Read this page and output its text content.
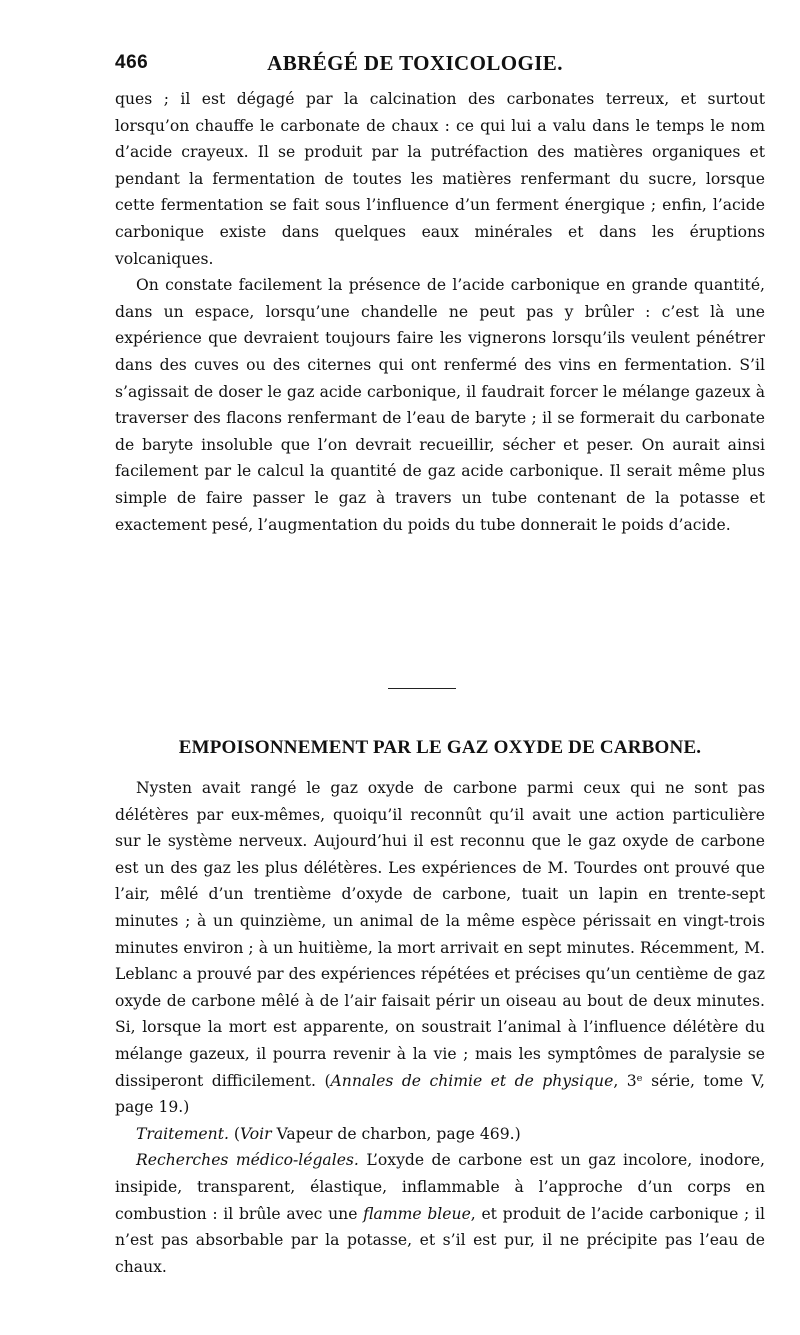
466	ABRÉGÉ DE TOXICOLOGIE.

ques ; il est dégagé par la calcination des carbonates terreux, et surtout lorsqu’on chauffe le carbonate de chaux : ce qui lui a valu dans le temps le nom d’acide crayeux. Il se produit par la putréfaction des matières organiques et pendant la fermentation de toutes les matières renfermant du sucre, lorsque cette fermentation se fait sous l’influence d’un ferment énergique ; enfin, l’acide carbonique existe dans quelques eaux minérales et dans les éruptions volcaniques.

On constate facilement la présence de l’acide carbonique en grande quantité, dans un espace, lorsqu’une chandelle ne peut pas y brûler : c’est là une expérience que devraient toujours faire les vignerons lorsqu’ils veulent pénétrer dans des cuves ou des citernes qui ont renfermé des vins en fermentation. S’il s’agissait de doser le gaz acide carbonique, il faudrait forcer le mélange gazeux à traverser des flacons renfermant de l’eau de baryte ; il se formerait du carbonate de baryte insoluble que l’on devrait recueillir, sécher et peser. On aurait ainsi facilement par le calcul la quantité de gaz acide carbonique. Il serait même plus simple de faire passer le gaz à travers un tube contenant de la potasse et exactement pesé, l’augmentation du poids du tube donnerait le poids d’acide.

EMPOISONNEMENT PAR LE GAZ OXYDE DE CARBONE.

Nysten avait rangé le gaz oxyde de carbone parmi ceux qui ne sont pas délétères par eux-mêmes, quoiqu’il reconnût qu’il avait une action particulière sur le système nerveux. Aujourd’hui il est reconnu que le gaz oxyde de carbone est un des gaz les plus délétères. Les expériences de M. Tourdes ont prouvé que l’air, mêlé d’un trentième d’oxyde de carbone, tuait un lapin en trente-sept minutes ; à un quinzième, un animal de la même espèce périssait en vingt-trois minutes environ ; à un huitième, la mort arrivait en sept minutes. Récemment, M. Leblanc a prouvé par des expériences répétées et précises qu’un centième de gaz oxyde de carbone mêlé à de l’air faisait périr un oiseau au bout de deux minutes. Si, lorsque la mort est apparente, on soustrait l’animal à l’influence délétère du mélange gazeux, il pourra revenir à la vie ; mais les symptômes de paralysie se dissiperont difficilement. (Annales de chimie et de physique, 3ᵉ série, tome V, page 19.)

Traitement. (Voir Vapeur de charbon, page 469.)

Recherches médico-légales. L’oxyde de carbone est un gaz incolore, inodore, insipide, transparent, élastique, inflammable à l’approche d’un corps en combustion : il brûle avec une flamme bleue, et produit de l’acide carbonique ; il n’est pas absorbable par la potasse, et s’il est pur, il ne précipite pas l’eau de chaux.
